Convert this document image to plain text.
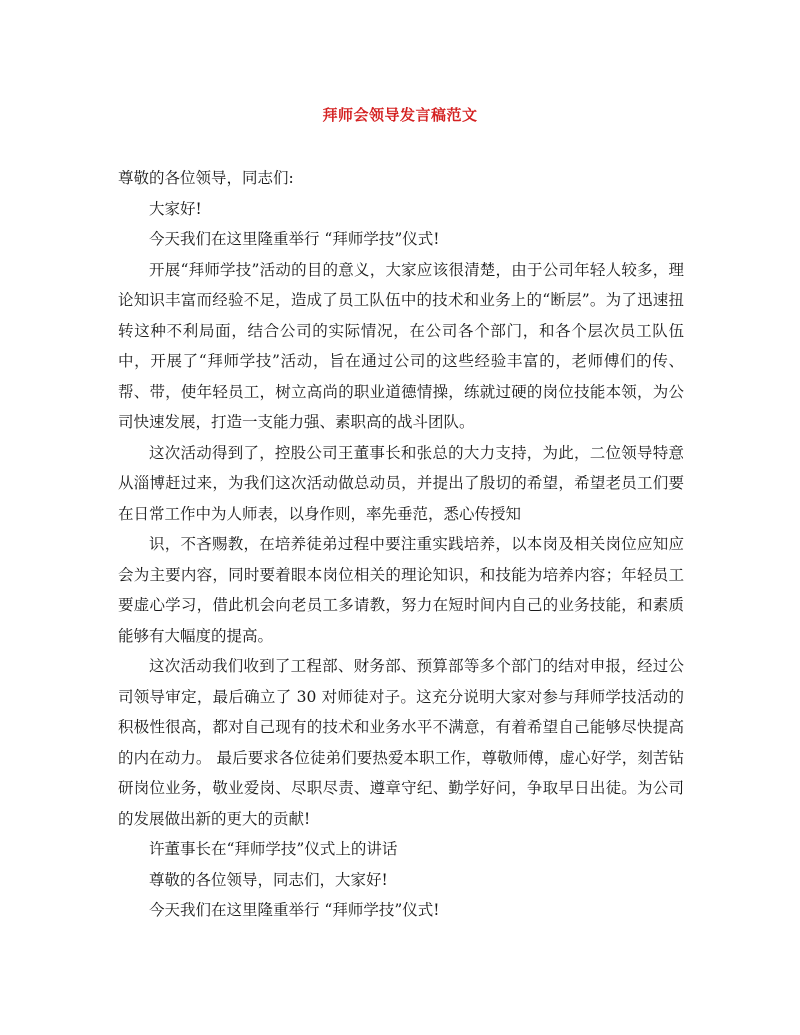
拜师会领导发言稿范文

尊敬的各位领导，同志们:

大家好!

今天我们在这里隆重举行 “拜师学技”仪式!

开展“拜师学技”活动的目的意义，大家应该很清楚，由于公司年轻人较多，理论知识丰富而经验不足，造成了员工队伍中的技术和业务上的“断层”。为了迅速扭转这种不利局面，结合公司的实际情况，在公司各个部门，和各个层次员工队伍中，开展了“拜师学技”活动，旨在通过公司的这些经验丰富的，老师傅们的传、帮、带，使年轻员工，树立高尚的职业道德情操，练就过硬的岗位技能本领，为公司快速发展，打造一支能力强、素职高的战斗团队。

这次活动得到了，控股公司王董事长和张总的大力支持，为此，二位领导特意从淄博赶过来，为我们这次活动做总动员，并提出了殷切的希望，希望老员工们要在日常工作中为人师表，以身作则，率先垂范，悉心传授知

识，不吝赐教，在培养徒弟过程中要注重实践培养，以本岗及相关岗位应知应会为主要内容，同时要着眼本岗位相关的理论知识，和技能为培养内容；年轻员工要虚心学习，借此机会向老员工多请教，努力在短时间内自己的业务技能，和素质能够有大幅度的提高。

这次活动我们收到了工程部、财务部、预算部等多个部门的结对申报，经过公司领导审定，最后确立了 30 对师徒对子。这充分说明大家对参与拜师学技活动的积极性很高，都对自己现有的技术和业务水平不满意，有着希望自己能够尽快提高的内在动力。 最后要求各位徒弟们要热爱本职工作，尊敬师傅，虚心好学，刻苦钻研岗位业务，敬业爱岗、尽职尽责、遵章守纪、勤学好问，争取早日出徒。为公司的发展做出新的更大的贡献!

许董事长在“拜师学技”仪式上的讲话

尊敬的各位领导，同志们，大家好!

今天我们在这里隆重举行 “拜师学技”仪式!
